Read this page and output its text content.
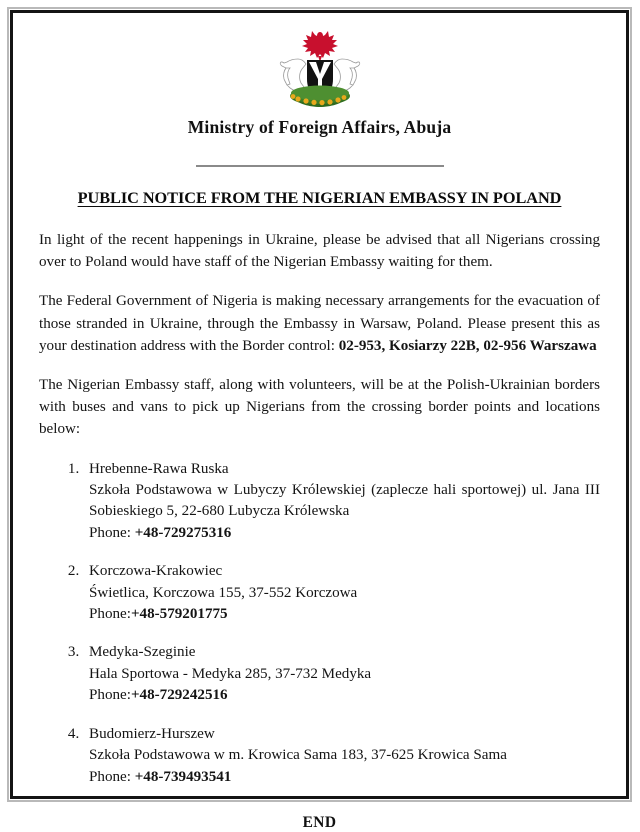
Ministry of Foreign Affairs, Abuja
PUBLIC NOTICE FROM THE NIGERIAN EMBASSY IN POLAND

In light of the recent happenings in Ukraine, please be advised that all Nigerians crossing over to Poland would have staff of the Nigerian Embassy waiting for them.

The Federal Government of Nigeria is making necessary arrangements for the evacuation of those stranded in Ukraine, through the Embassy in Warsaw, Poland. Please present this as your destination address with the Border control: 02-953, Kosiarzy 22B, 02-956 Warszawa

The Nigerian Embassy staff, along with volunteers, will be at the Polish-Ukrainian borders with buses and vans to pick up Nigerians from the crossing border points and locations below:

1. Hrebenne-Rawa Ruska
Szkoła Podstawowa w Lubyczy Królewskiej (zaplecze hali sportowej) ul. Jana III Sobieskiego 5, 22-680 Lubycza Królewska
Phone: +48-729275316
2. Korczowa-Krakowiec
Świetlica, Korczowa 155, 37-552 Korczowa
Phone:+48-579201775
3. Medyka-Szeginie
Hala Sportowa - Medyka 285, 37-732 Medyka
Phone:+48-729242516
4. Budomierz-Hurszew
Szkoła Podstawowa w m. Krowica Sama 183, 37-625 Krowica Sama
Phone: +48-739493541
END
